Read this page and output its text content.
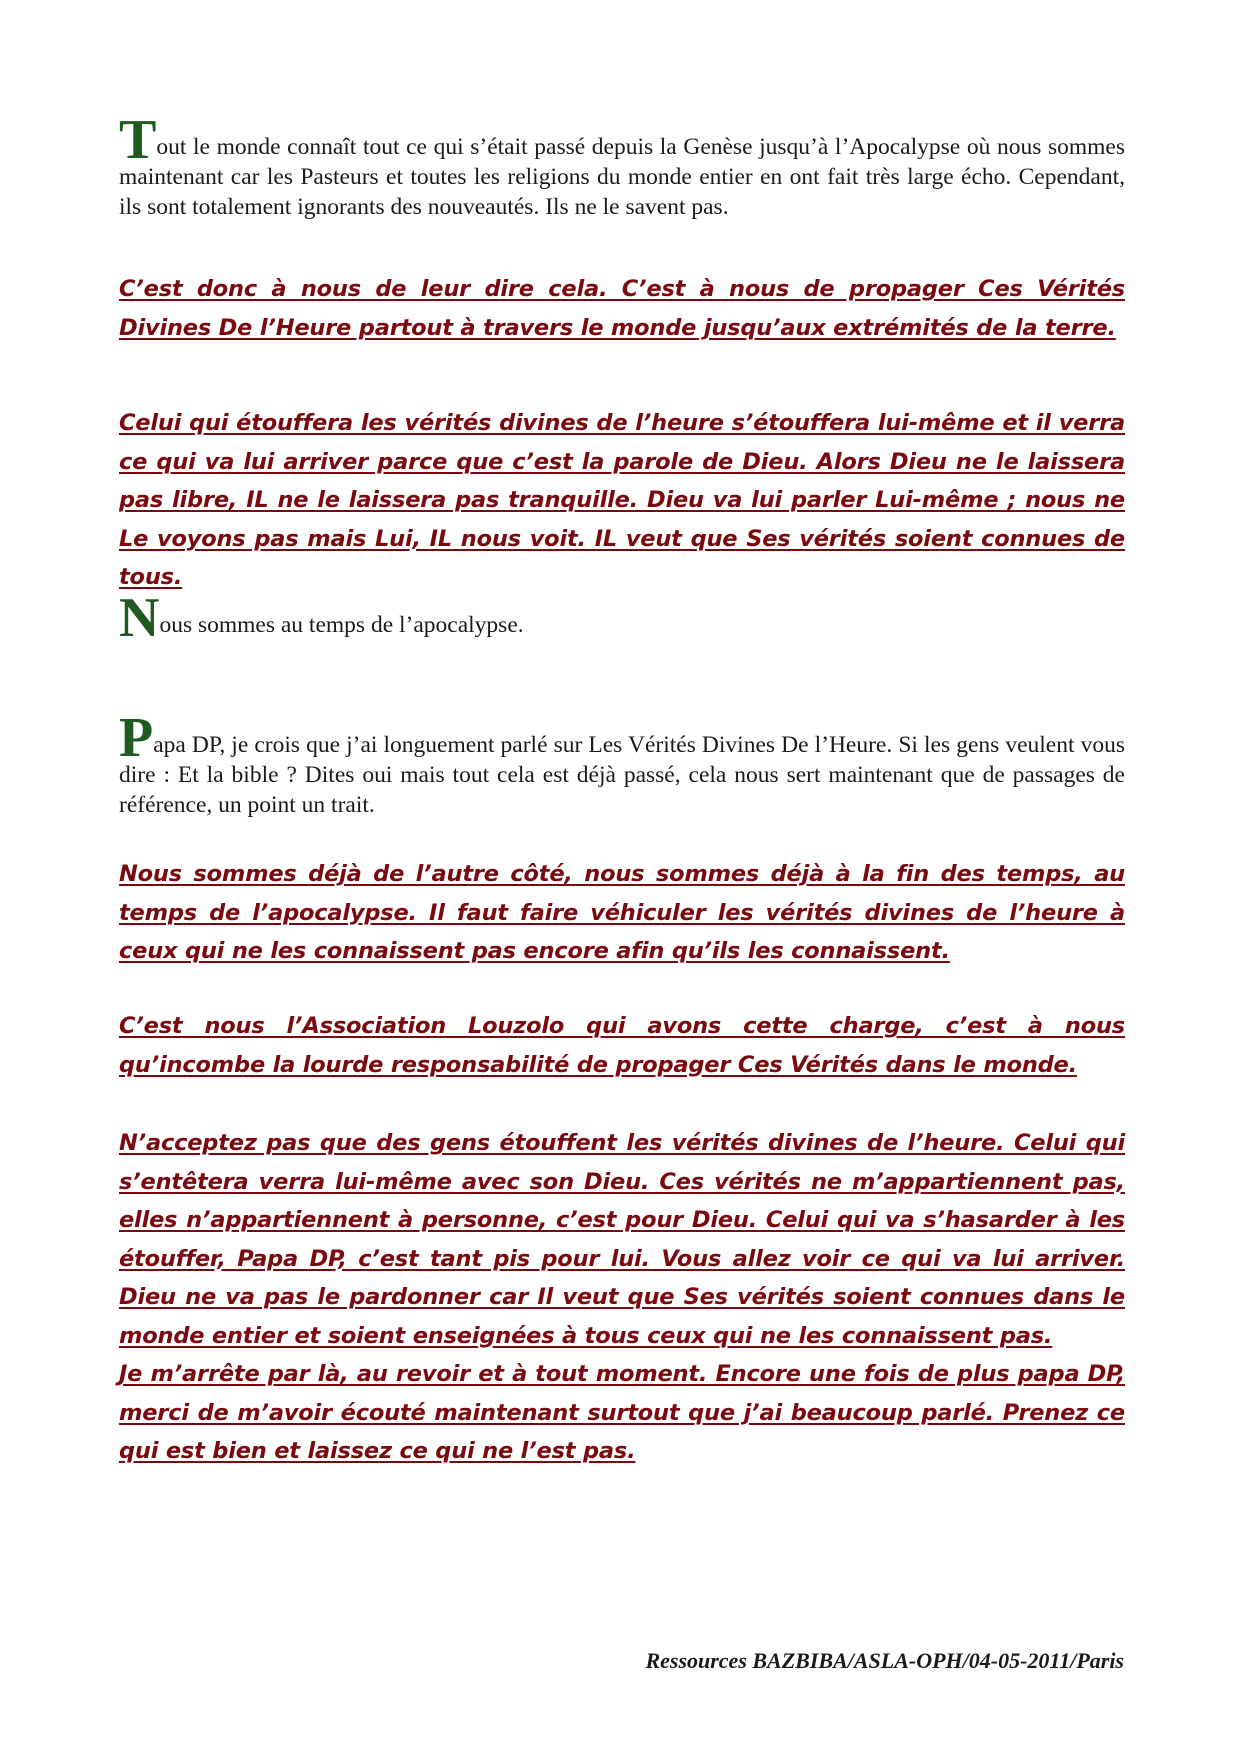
Tout le monde connaît tout ce qui s’était passé depuis la Genèse jusqu’à l’Apocalypse où nous sommes maintenant car les Pasteurs et toutes les religions du monde entier en ont fait très large écho. Cependant, ils sont totalement ignorants des nouveautés. Ils ne le savent pas.

C’est donc à nous de leur dire cela. C’est à nous de propager Ces Vérités Divines De l’Heure partout à travers le monde jusqu’aux extrémités de la terre.

Celui qui étouffera les vérités divines de l’heure s’étouffera lui-même et il verra ce qui va lui arriver parce que c’est la parole de Dieu. Alors Dieu ne le laissera pas libre, IL ne le laissera pas tranquille. Dieu va lui parler Lui-même ; nous ne Le voyons pas mais Lui, IL nous voit. IL veut que Ses vérités soient connues de tous.

Nous sommes au temps de l’apocalypse.

Papa DP, je crois que j’ai longuement parlé sur Les Vérités Divines De l’Heure. Si les gens veulent vous dire : Et la bible ? Dites oui mais tout cela est déjà passé, cela nous sert maintenant que de passages de référence, un point un trait.

Nous sommes déjà de l’autre côté, nous sommes déjà à la fin des temps, au temps de l’apocalypse. Il faut faire véhiculer les vérités divines de l’heure à ceux qui ne les connaissent pas encore afin qu’ils les connaissent.

C’est nous l’Association Louzolo qui avons cette charge, c’est à nous qu’incombe la lourde responsabilité de propager Ces Vérités dans le monde.

N’acceptez pas que des gens étouffent les vérités divines de l’heure. Celui qui s’entêtera verra lui-même avec son Dieu. Ces vérités ne m’appartiennent pas, elles n’appartiennent à personne, c’est pour Dieu. Celui qui va s’hasarder à les étouffer, Papa DP, c’est tant pis pour lui. Vous allez voir ce qui va lui arriver. Dieu ne va pas le pardonner car Il veut que Ses vérités soient connues dans le monde entier et soient enseignées à tous ceux qui ne les connaissent pas.

Je m’arrête par là, au revoir et à tout moment. Encore une fois de plus papa DP, merci de m’avoir écouté maintenant surtout que j’ai beaucoup parlé. Prenez ce qui est bien et laissez ce qui ne l’est pas.

Ressources BAZBIBA/ASLA-OPH/04-05-2011/Paris
